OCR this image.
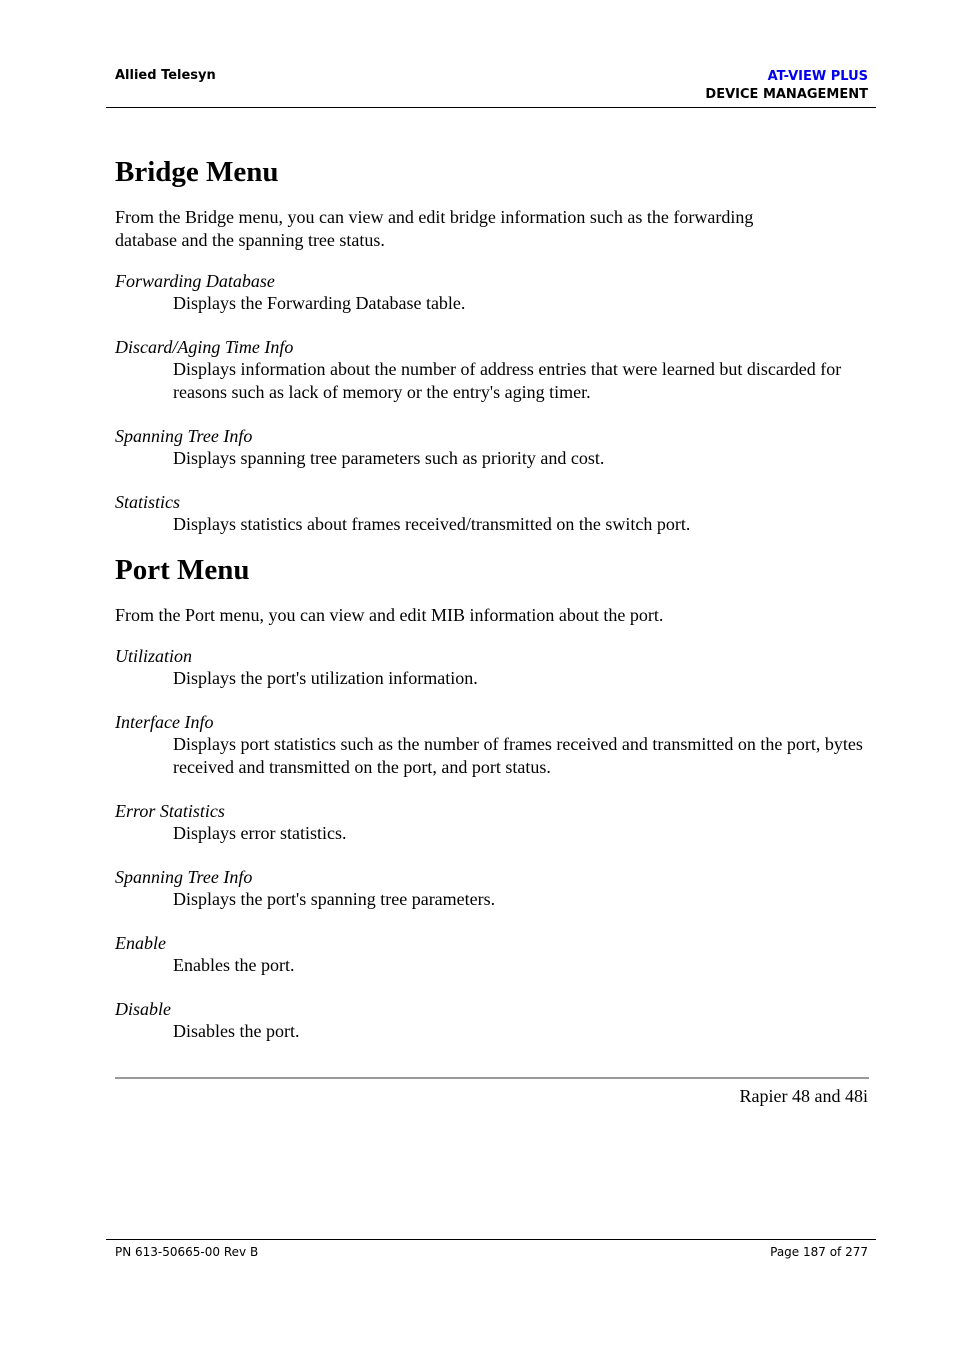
Allied Telesyn	AT-VIEW PLUS
DEVICE MANAGEMENT
Bridge Menu

From the Bridge menu, you can view and edit bridge information such as the forwarding database and the spanning tree status.

Forwarding Database

Displays the Forwarding Database table.

Discard/Aging Time Info

Displays information about the number of address entries that were learned but discarded for reasons such as lack of memory or the entry's aging timer.

Spanning Tree Info

Displays spanning tree parameters such as priority and cost.

Statistics

Displays statistics about frames received/transmitted on the switch port.

Port Menu

From the Port menu, you can view and edit MIB information about the port.

Utilization

Displays the port's utilization information.

Interface Info

Displays port statistics such as the number of frames received and transmitted on the port, bytes received and transmitted on the port, and port status.

Error Statistics

Displays error statistics.

Spanning Tree Info

Displays the port's spanning tree parameters.

Enable

Enables the port.

Disable

Disables the port.

Rapier 48 and 48i
PN 613-50665-00 Rev B	Page 187 of 277
